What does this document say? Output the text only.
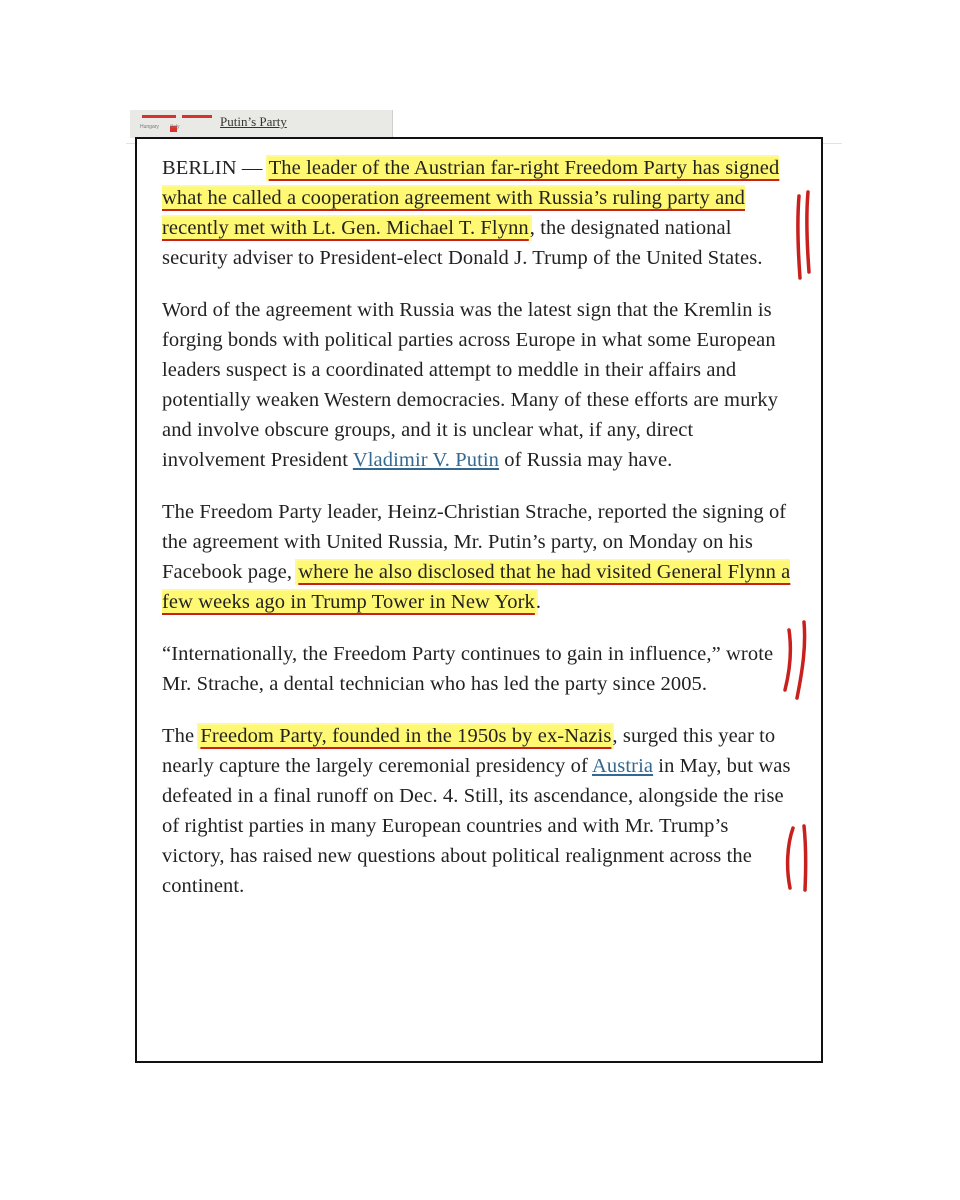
Hungary Italy	Putin’s Party

BERLIN — The leader of the Austrian far-right Freedom Party has signed what he called a cooperation agreement with Russia’s ruling party and recently met with Lt. Gen. Michael T. Flynn, the designated national security adviser to President-elect Donald J. Trump of the United States.

Word of the agreement with Russia was the latest sign that the Kremlin is forging bonds with political parties across Europe in what some European leaders suspect is a coordinated attempt to meddle in their affairs and potentially weaken Western democracies. Many of these efforts are murky and involve obscure groups, and it is unclear what, if any, direct involvement President Vladimir V. Putin of Russia may have.

The Freedom Party leader, Heinz-Christian Strache, reported the signing of the agreement with United Russia, Mr. Putin’s party, on Monday on his Facebook page, where he also disclosed that he had visited General Flynn a few weeks ago in Trump Tower in New York.

“Internationally, the Freedom Party continues to gain in influence,” wrote Mr. Strache, a dental technician who has led the party since 2005.

The Freedom Party, founded in the 1950s by ex-Nazis, surged this year to nearly capture the largely ceremonial presidency of Austria in May, but was defeated in a final runoff on Dec. 4. Still, its ascendance, alongside the rise of rightist parties in many European countries and with Mr. Trump’s victory, has raised new questions about political realignment across the continent.
